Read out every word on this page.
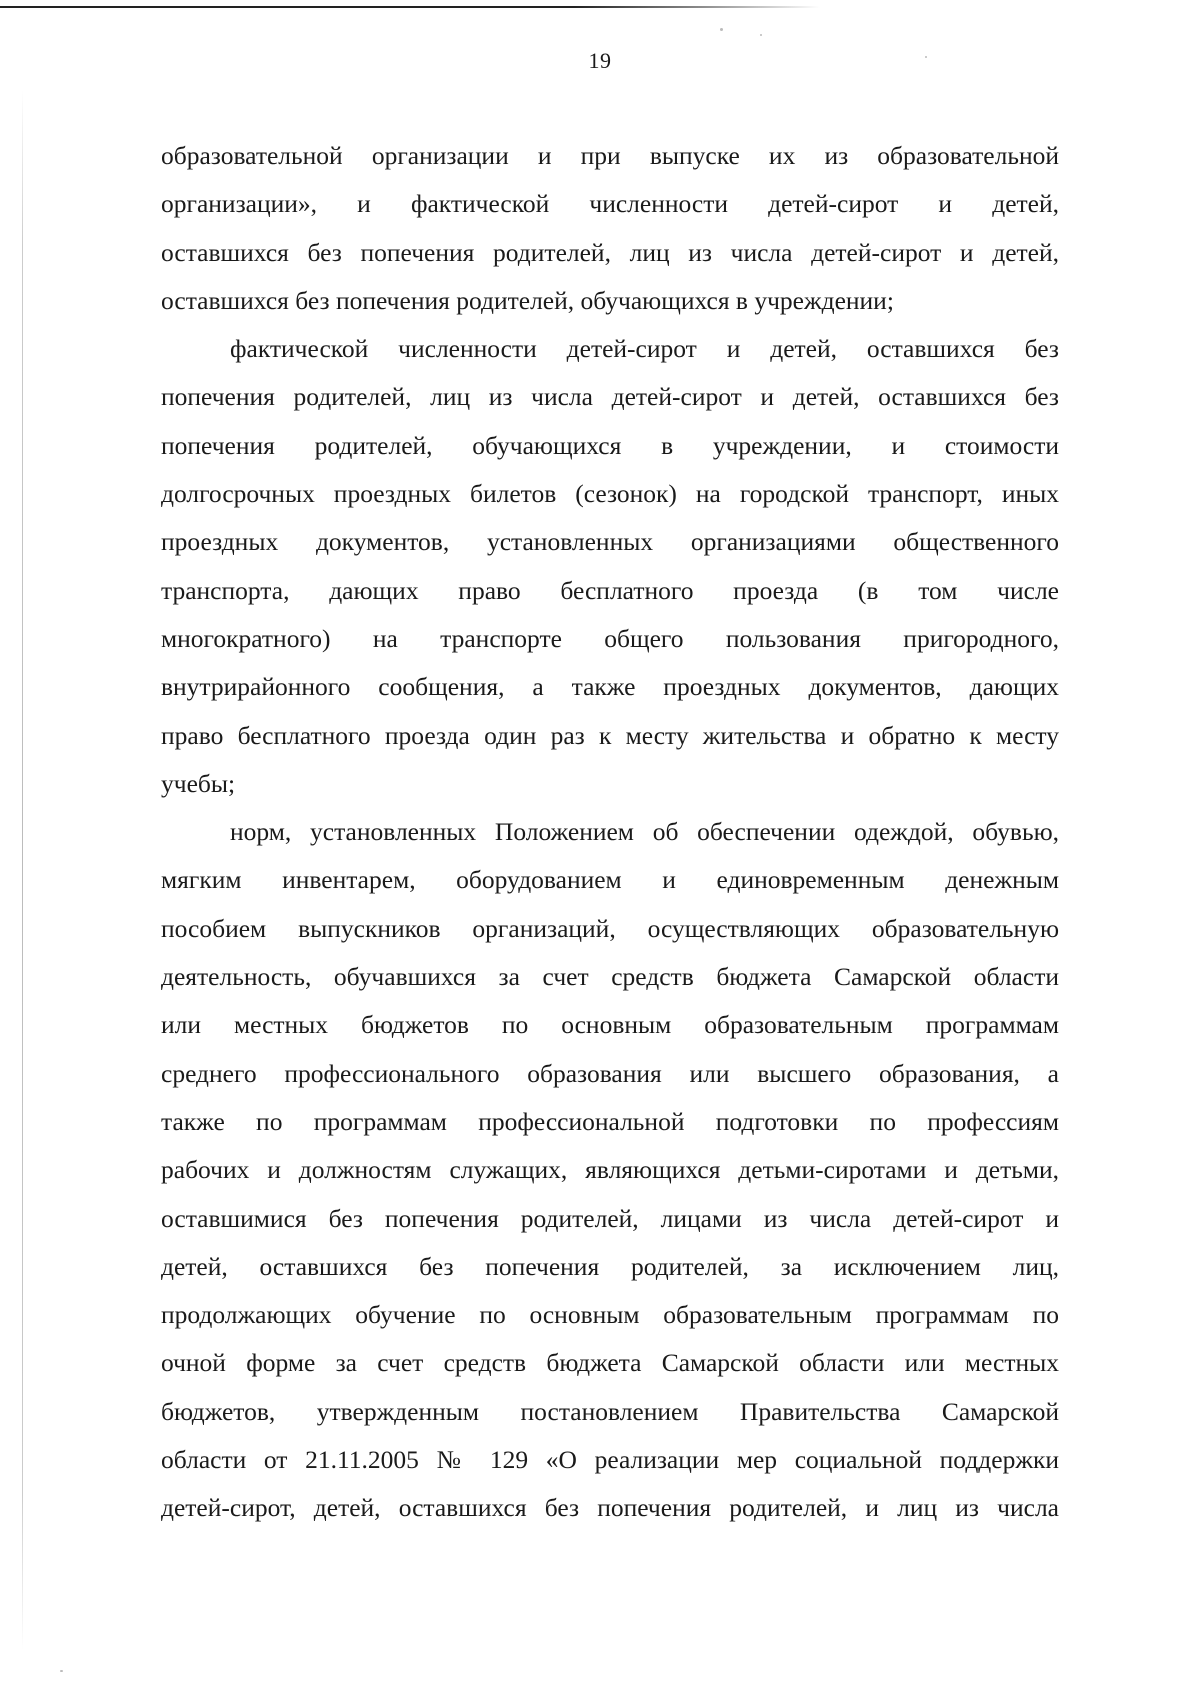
19

образовательной организации и при выпуске их из образовательной

организации», и фактической численности детей-сирот и детей,

оставшихся без попечения родителей, лиц из числа детей-сирот и детей,

оставшихся без попечения родителей, обучающихся в учреждении;

фактической численности детей-сирот и детей, оставшихся без

попечения родителей, лиц из числа детей-сирот и детей, оставшихся без

попечения родителей, обучающихся в учреждении, и стоимости

долгосрочных проездных билетов (сезонок) на городской транспорт, иных

проездных документов, установленных организациями общественного

транспорта, дающих право бесплатного проезда (в том числе

многократного) на транспорте общего пользования пригородного,

внутрирайонного сообщения, а также проездных документов, дающих

право бесплатного проезда один раз к месту жительства и обратно к месту

учебы;

норм, установленных Положением об обеспечении одеждой, обувью,

мягким инвентарем, оборудованием и единовременным денежным

пособием выпускников организаций, осуществляющих образовательную

деятельность, обучавшихся за счет средств бюджета Самарской области

или местных бюджетов по основным образовательным программам

среднего профессионального образования или высшего образования, а

также по программам профессиональной подготовки по профессиям

рабочих и должностям служащих, являющихся детьми-сиротами и детьми,

оставшимися без попечения родителей, лицами из числа детей-сирот и

детей, оставшихся без попечения родителей, за исключением лиц,

продолжающих обучение по основным образовательным программам по

очной форме за счет средств бюджета Самарской области или местных

бюджетов, утвержденным постановлением Правительства Самарской

области от 21.11.2005 № 129 «О реализации мер социальной поддержки

детей-сирот, детей, оставшихся без попечения родителей, и лиц из числа
